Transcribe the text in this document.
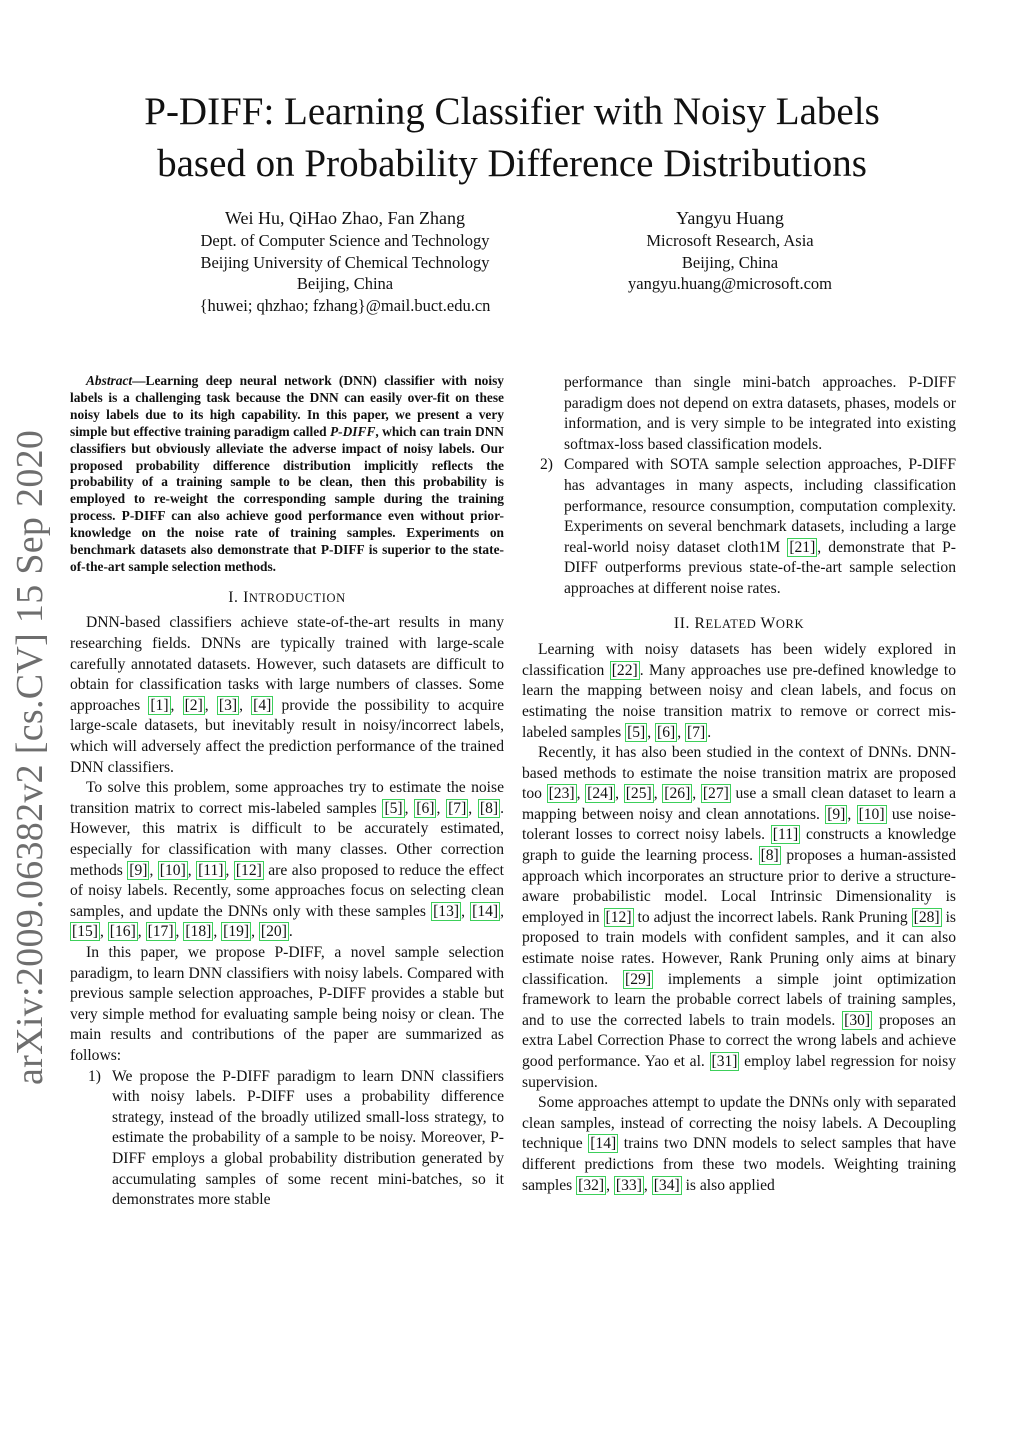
arXiv:2009.06382v2 [cs.CV] 15 Sep 2020
P-DIFF: Learning Classifier with Noisy Labels
based on Probability Difference Distributions
Wei Hu, QiHao Zhao, Fan Zhang
Dept. of Computer Science and Technology
Beijing University of Chemical Technology
Beijing, China
{huwei; qhzhao; fzhang}@mail.buct.edu.cn
Yangyu Huang
Microsoft Research, Asia
Beijing, China
yangyu.huang@microsoft.com

Abstract—Learning deep neural network (DNN) classifier with noisy labels is a challenging task because the DNN can easily over-fit on these noisy labels due to its high capability. In this paper, we present a very simple but effective training paradigm called P-DIFF, which can train DNN classifiers but obviously alleviate the adverse impact of noisy labels. Our proposed probability difference distribution implicitly reflects the probability of a training sample to be clean, then this probability is employed to re-weight the corresponding sample during the training process. P-DIFF can also achieve good performance even without prior-knowledge on the noise rate of training samples. Experiments on benchmark datasets also demonstrate that P-DIFF is superior to the state-of-the-art sample selection methods.

I. INTRODUCTION

DNN-based classifiers achieve state-of-the-art results in many researching fields. DNNs are typically trained with large-scale carefully annotated datasets. However, such datasets are difficult to obtain for classification tasks with large numbers of classes. Some approaches [1] , [2] , [3] , [4] provide the possibility to acquire large-scale datasets, but inevitably result in noisy/incorrect labels, which will adversely affect the prediction performance of the trained DNN classifiers.

To solve this problem, some approaches try to estimate the noise transition matrix to correct mis-labeled samples [5] , [6] , [7] , [8] . However, this matrix is difficult to be accurately estimated, especially for classification with many classes. Other correction methods [9] , [10] , [11] , [12] are also proposed to reduce the effect of noisy labels. Recently, some approaches focus on selecting clean samples, and update the DNNs only with these samples [13] , [14] , [15] , [16] , [17] , [18] , [19] , [20] .

In this paper, we propose P-DIFF, a novel sample selection paradigm, to learn DNN classifiers with noisy labels. Compared with previous sample selection approaches, P-DIFF provides a stable but very simple method for evaluating sample being noisy or clean. The main results and contributions of the paper are summarized as follows:

1) We propose the P-DIFF paradigm to learn DNN classifiers with noisy labels. P-DIFF uses a probability difference strategy, instead of the broadly utilized small-loss strategy, to estimate the probability of a sample to be noisy. Moreover, P-DIFF employs a global probability distribution generated by accumulating samples of some recent mini-batches, so it demonstrates more stable

performance than single mini-batch approaches. P-DIFF paradigm does not depend on extra datasets, phases, models or information, and is very simple to be integrated into existing softmax-loss based classification models.

2) Compared with SOTA sample selection approaches, P-DIFF has advantages in many aspects, including classification performance, resource consumption, computation complexity. Experiments on several benchmark datasets, including a large real-world noisy dataset cloth1M [21] , demonstrate that P-DIFF outperforms previous state-of-the-art sample selection approaches at different noise rates.

II. RELATED WORK

Learning with noisy datasets has been widely explored in classification [22] . Many approaches use pre-defined knowledge to learn the mapping between noisy and clean labels, and focus on estimating the noise transition matrix to remove or correct mis-labeled samples [5] , [6] , [7] .

Recently, it has also been studied in the context of DNNs. DNN-based methods to estimate the noise transition matrix are proposed too [23] , [24] , [25] , [26] , [27] use a small clean dataset to learn a mapping between noisy and clean annotations. [9] , [10] use noise-tolerant losses to correct noisy labels. [11] constructs a knowledge graph to guide the learning process. [8] proposes a human-assisted approach which incorporates an structure prior to derive a structure-aware probabilistic model. Local Intrinsic Dimensionality is employed in [12] to adjust the incorrect labels. Rank Pruning [28] is proposed to train models with confident samples, and it can also estimate noise rates. However, Rank Pruning only aims at binary classification. [29] implements a simple joint optimization framework to learn the probable correct labels of training samples, and to use the corrected labels to train models. [30] proposes an extra Label Correction Phase to correct the wrong labels and achieve good performance. Yao et al. [31] employ label regression for noisy supervision.

Some approaches attempt to update the DNNs only with separated clean samples, instead of correcting the noisy labels. A Decoupling technique [14] trains two DNN models to select samples that have different predictions from these two models. Weighting training samples [32] , [33] , [34] is also applied
